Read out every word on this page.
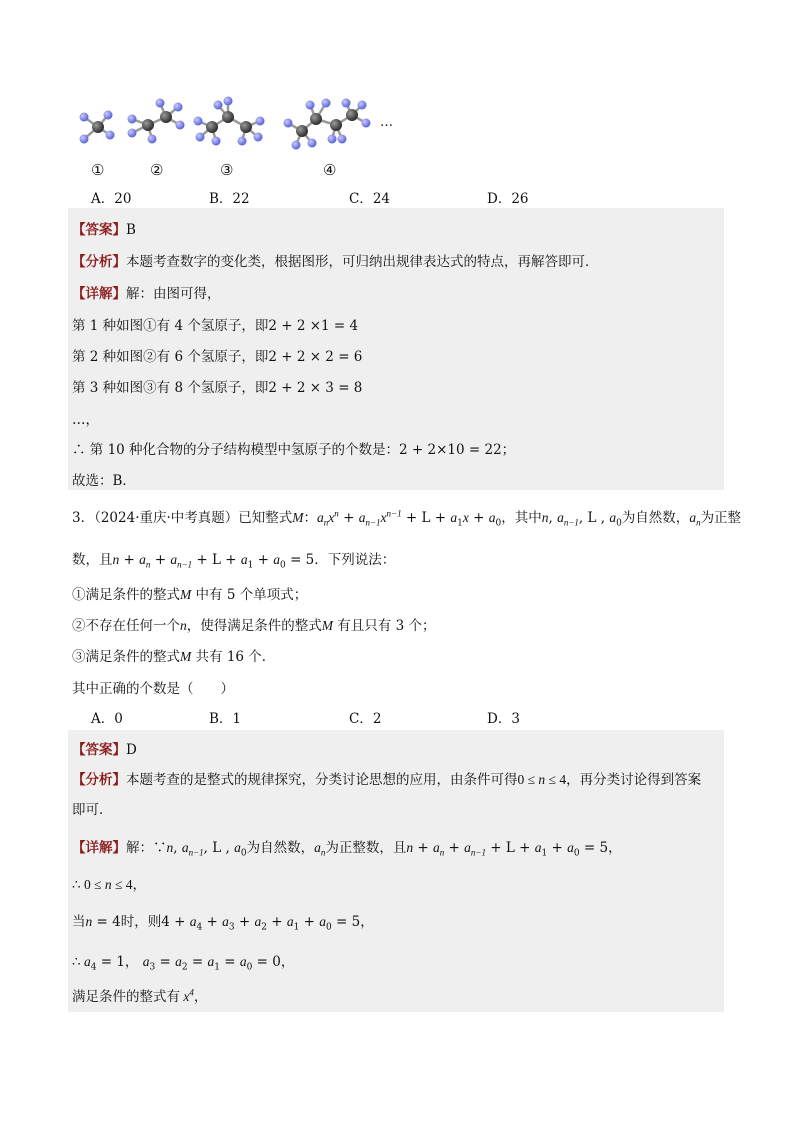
…
①	②	③	④
A．20	B．22	C．24	D．26
【答案】B
【分析】本题考查数字的变化类，根据图形，可归纳出规律表达式的特点，再解答即可．
【详解】解：由图可得，
第 1 种如图①有 4 个氢原子，即2 + 2 ×1 = 4
第 2 种如图②有 6 个氢原子，即2 + 2 × 2 = 6
第 3 种如图③有 8 个氢原子，即2 + 2 × 3 = 8
…，
∴ 第 10 种化合物的分子结构模型中氢原子的个数是：2 + 2×10 = 22；
故选：B．
3．（2024·重庆·中考真题）已知整式M：$a_nx^n + a_{n-1}x^{n-1} + L + a_1x + a_0$，其中n, $a_{n-1}$, L , $a_0$为自然数，$a_n$为正整
数，且$n + a_n + a_{n-1} + L + a_1 + a_0 = 5$．下列说法：
①满足条件的整式M 中有 5 个单项式；
②不存在任何一个n，使得满足条件的整式M 有且只有 3 个；
③满足条件的整式M 共有 16 个．
其中正确的个数是（　　）
A．0	B．1	C．2	D．3
【答案】D
【分析】本题考查的是整式的规律探究，分类讨论思想的应用，由条件可得0 ≤ n ≤ 4，再分类讨论得到答案
即可．
【详解】解：∵n, $a_{n-1}$, L , $a_0$为自然数，$a_n$为正整数，且$n + a_n + a_{n-1} + L + a_1 + a_0 = 5$，
∴ 0 ≤ n ≤ 4，
当n = 4时，则$4 + a_4 + a_3 + a_2 + a_1 + a_0 = 5$，
∴ $a_4 = 1$， $a_3 = a_2 = a_1 = a_0 = 0$，
满足条件的整式有 $x^4$，
